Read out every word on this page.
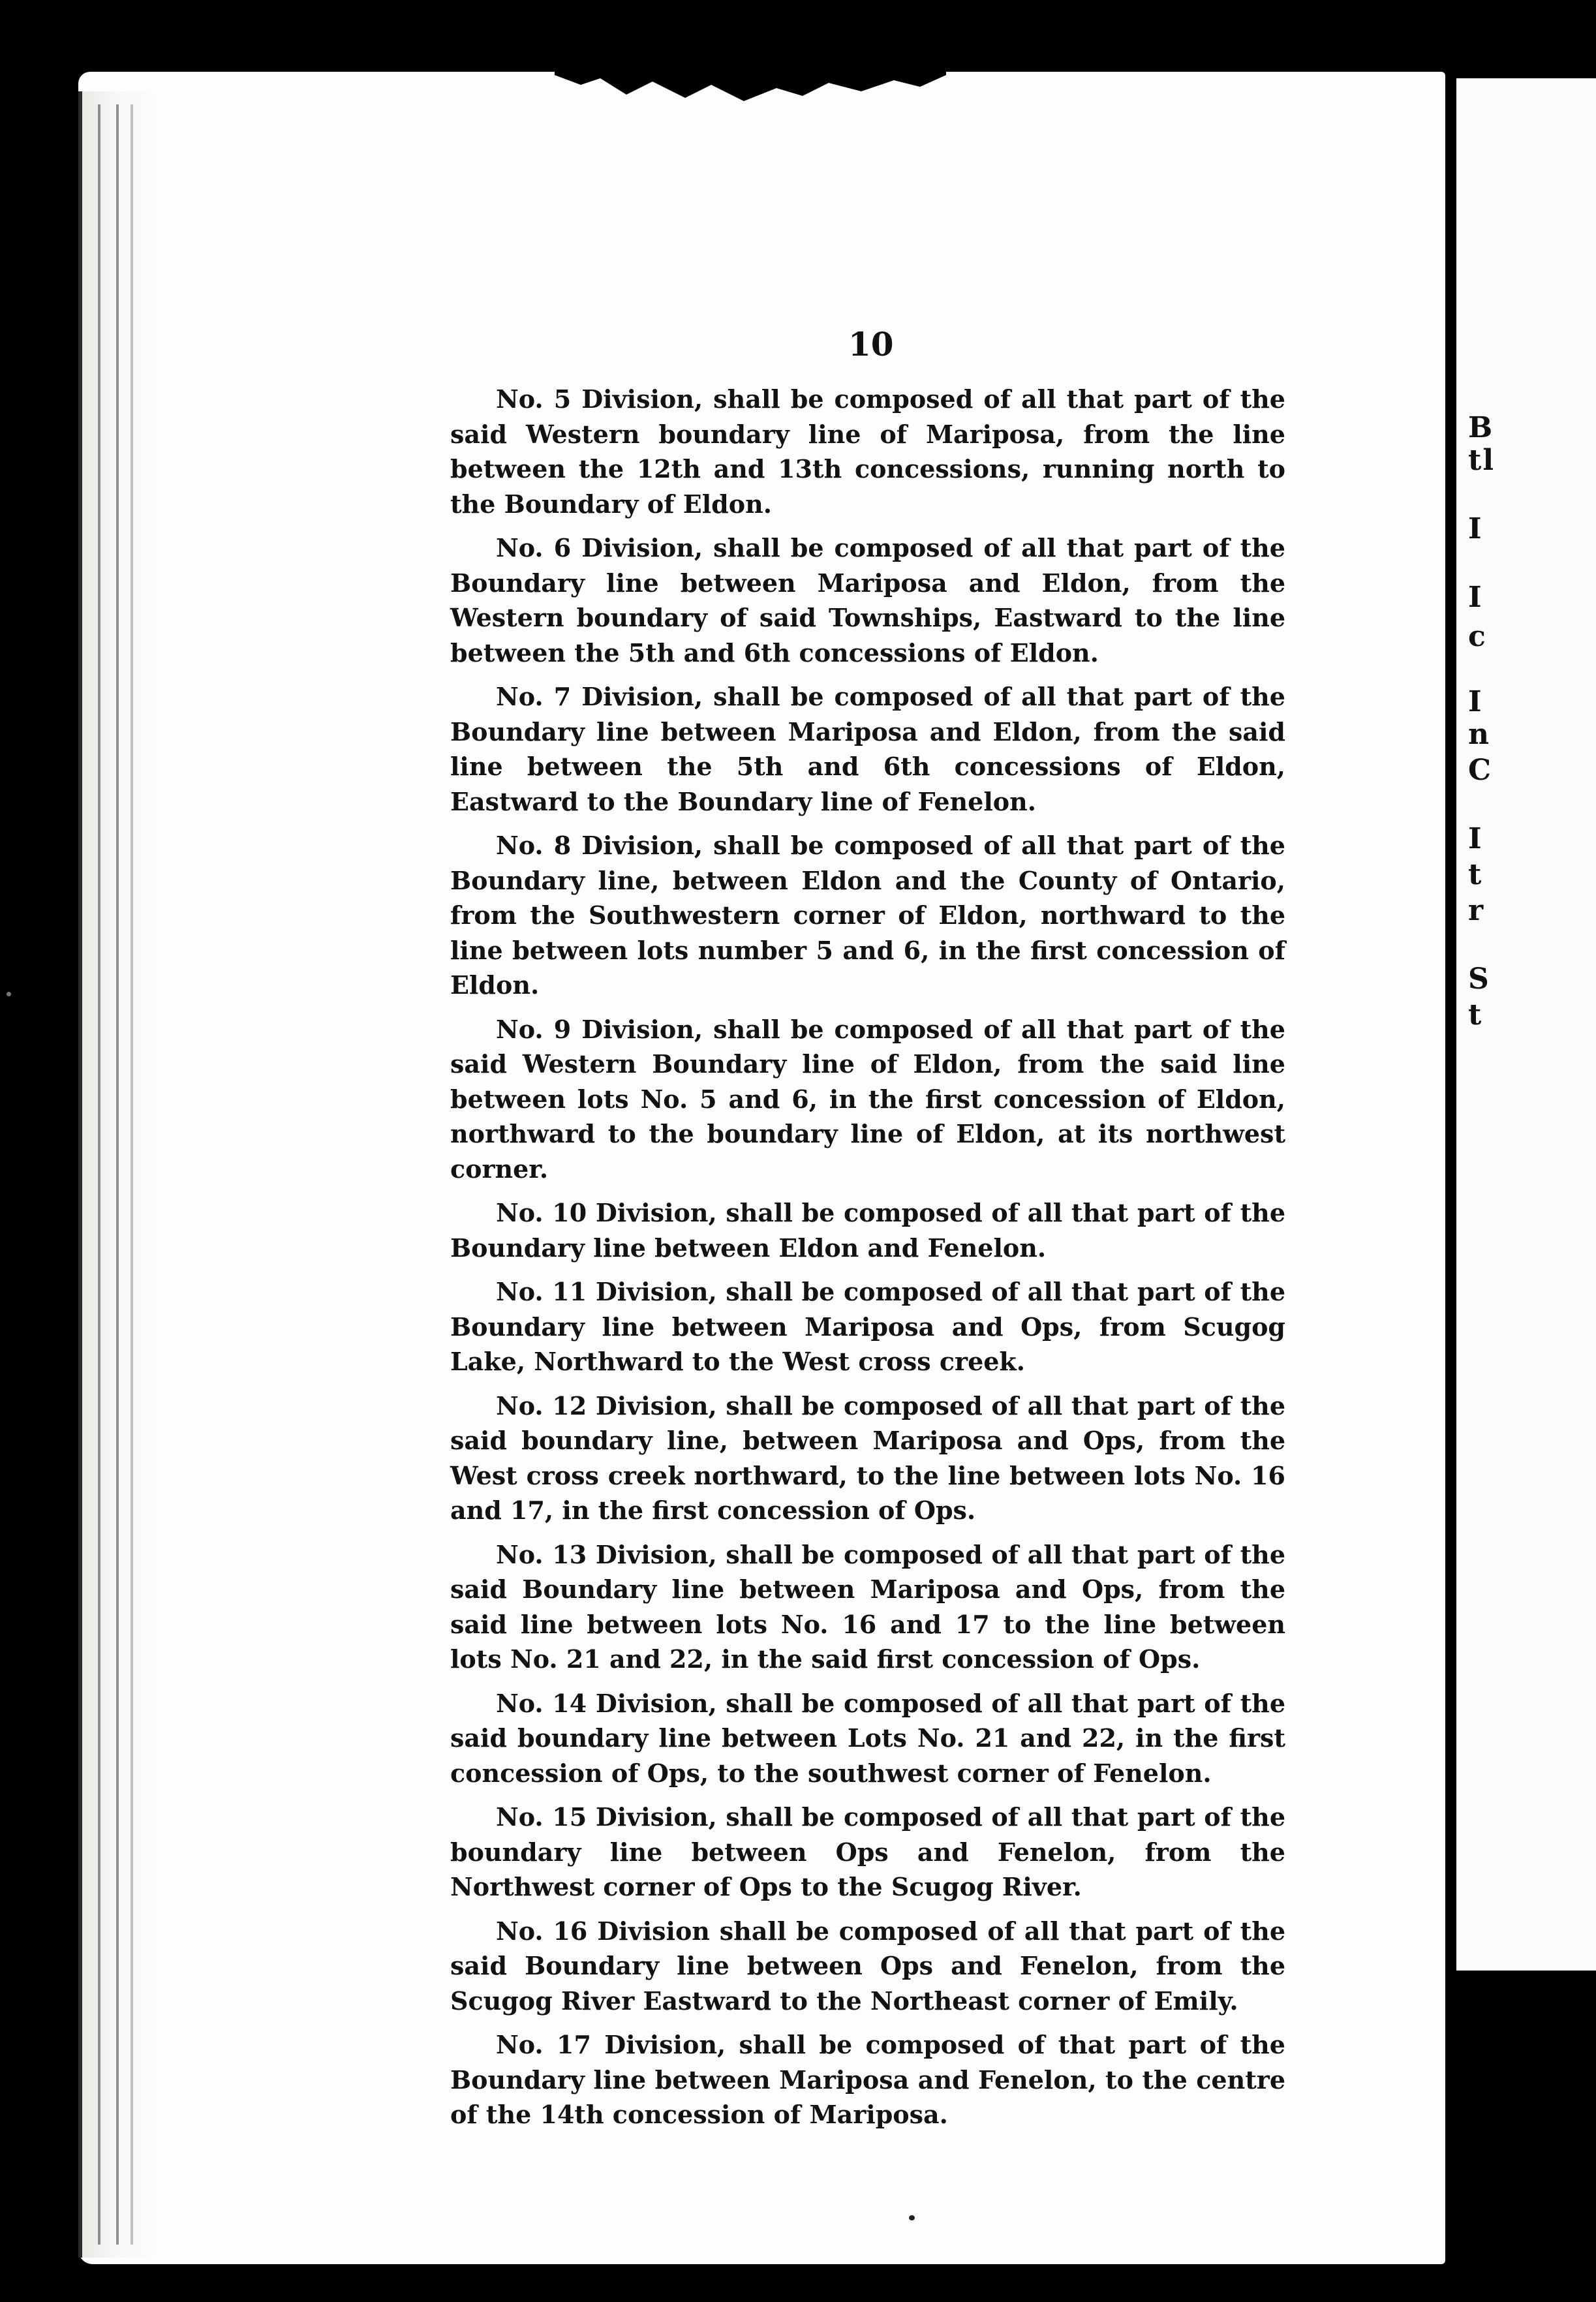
B
tl
I
I
c
I
n
C
I
t
r
S
t
10

No. 5 Division, shall be composed of all that part of the said Western boundary line of Mariposa, from the line between the 12th and 13th concessions, running north to the Boundary of Eldon.

No. 6 Division, shall be composed of all that part of the Boundary line between Mariposa and Eldon, from the Western boundary of said Townships, Eastward to the line between the 5th and 6th concessions of Eldon.

No. 7 Division, shall be composed of all that part of the Boundary line between Mariposa and Eldon, from the said line between the 5th and 6th concessions of Eldon, Eastward to the Boundary line of Fenelon.

No. 8 Division, shall be composed of all that part of the Boundary line, between Eldon and the County of Ontario, from the Southwestern corner of Eldon, northward to the line between lots number 5 and 6, in the first concession of Eldon.

No. 9 Division, shall be composed of all that part of the said Western Boundary line of Eldon, from the said line between lots No. 5 and 6, in the first concession of Eldon, northward to the boundary line of Eldon, at its northwest corner.

No. 10 Division, shall be composed of all that part of the Boundary line between Eldon and Fenelon.

No. 11 Division, shall be composed of all that part of the Boundary line between Mariposa and Ops, from Scugog Lake, Northward to the West cross creek.

No. 12 Division, shall be composed of all that part of the said boundary line, between Mariposa and Ops, from the West cross creek northward, to the line between lots No. 16 and 17, in the first concession of Ops.

No. 13 Division, shall be composed of all that part of the said Boundary line between Mariposa and Ops, from the said line between lots No. 16 and 17 to the line between lots No. 21 and 22, in the said first concession of Ops.

No. 14 Division, shall be composed of all that part of the said boundary line between Lots No. 21 and 22, in the first concession of Ops, to the southwest corner of Fenelon.

No. 15 Division, shall be composed of all that part of the boundary line between Ops and Fenelon, from the Northwest corner of Ops to the Scugog River.

No. 16 Division shall be composed of all that part of the said Boundary line between Ops and Fenelon, from the Scugog River Eastward to the Northeast corner of Emily.

No. 17 Division, shall be composed of that part of the Boundary line between Mariposa and Fenelon, to the centre of the 14th concession of Mariposa.
